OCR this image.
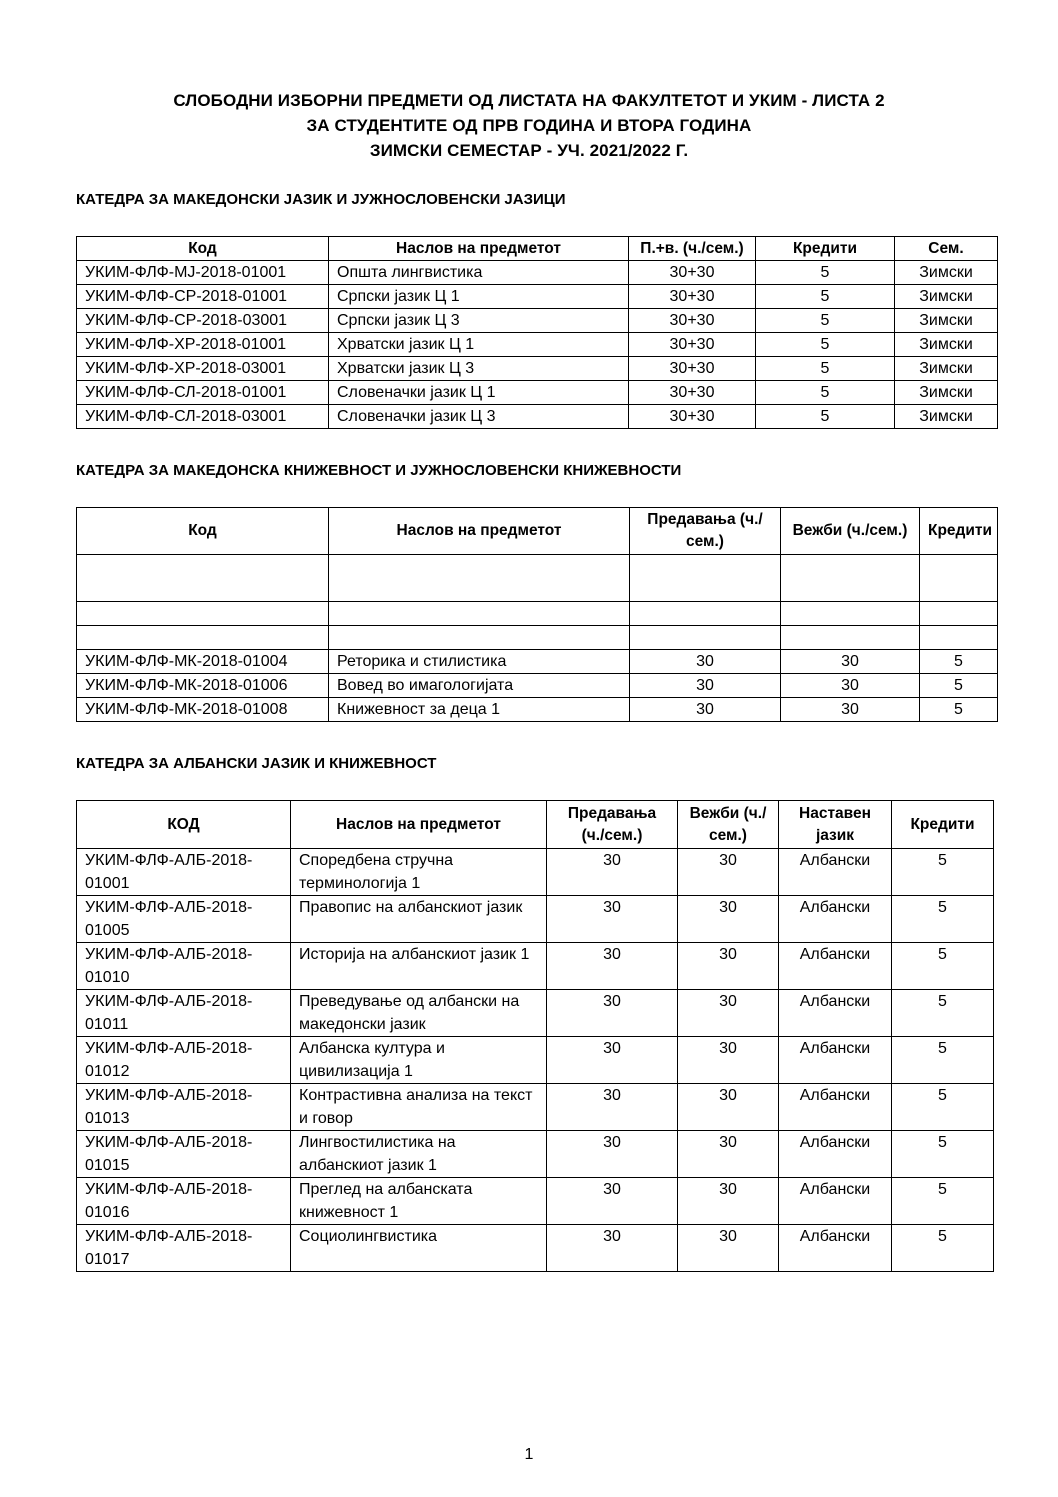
СЛОБОДНИ ИЗБОРНИ ПРЕДМЕТИ ОД ЛИСТАТА НА ФАКУЛТЕТОТ И УКИМ - ЛИСТА 2
ЗА СТУДЕНТИТЕ ОД ПРВ ГОДИНА И ВТОРА ГОДИНА
ЗИМСКИ СЕМЕСТАР - УЧ. 2021/2022 Г.
КАТЕДРА ЗА МАКЕДОНСКИ ЈАЗИК И ЈУЖНОСЛОВЕНСКИ ЈАЗИЦИ
Код	Наслов на предметот	П.+в. (ч./сем.)	Кредити	Сем.
УКИМ-ФЛФ-МЈ-2018-01001	Општа лингвистика	30+30	5	Зимски
УКИМ-ФЛФ-СР-2018-01001	Српски јазик Ц 1	30+30	5	Зимски
УКИМ-ФЛФ-СР-2018-03001	Српски јазик Ц 3	30+30	5	Зимски
УКИМ-ФЛФ-ХР-2018-01001	Хрватски јазик Ц 1	30+30	5	Зимски
УКИМ-ФЛФ-ХР-2018-03001	Хрватски јазик Ц 3	30+30	5	Зимски
УКИМ-ФЛФ-СЛ-2018-01001	Словеначки јазик Ц 1	30+30	5	Зимски
УКИМ-ФЛФ-СЛ-2018-03001	Словеначки јазик Ц 3	30+30	5	Зимски
КАТЕДРА ЗА МАКЕДОНСКА КНИЖЕВНОСТ И ЈУЖНОСЛОВЕНСКИ КНИЖЕВНОСТИ
Код	Наслов на предметот	Предавања (ч./сем.)	Вежби (ч./сем.)	Кредити

УКИМ-ФЛФ-МК-2018-01004	Реторика и стилистика	30	30	5
УКИМ-ФЛФ-МК-2018-01006	Вовед во имагологијата	30	30	5
УКИМ-ФЛФ-МК-2018-01008	Книжевност за деца 1	30	30	5
КАТЕДРА ЗА АЛБАНСКИ ЈАЗИК И КНИЖЕВНОСТ
КОД	Наслов на предметот	Предавања (ч./сем.)	Вежби (ч./сем.)	Наставен јазик	Кредити
УКИМ-ФЛФ-АЛБ-2018-01001	Споредбена стручна терминологија 1	30	30	Албански	5
УКИМ-ФЛФ-АЛБ-2018-01005	Правопис на албанскиот јазик	30	30	Албански	5
УКИМ-ФЛФ-АЛБ-2018-01010	Историја на албанскиот јазик 1	30	30	Албански	5
УКИМ-ФЛФ-АЛБ-2018-01011	Преведување од албански на македонски јазик	30	30	Албански	5
УКИМ-ФЛФ-АЛБ-2018-01012	Албанска култура и цивилизација 1	30	30	Албански	5
УКИМ-ФЛФ-АЛБ-2018-01013	Контрастивна анализа на текст и говор	30	30	Албански	5
УКИМ-ФЛФ-АЛБ-2018-01015	Лингвостилистика на албанскиот јазик 1	30	30	Албански	5
УКИМ-ФЛФ-АЛБ-2018-01016	Преглед на албанската книжевност 1	30	30	Албански	5
УКИМ-ФЛФ-АЛБ-2018-01017	Социолингвистика	30	30	Албански	5
1
